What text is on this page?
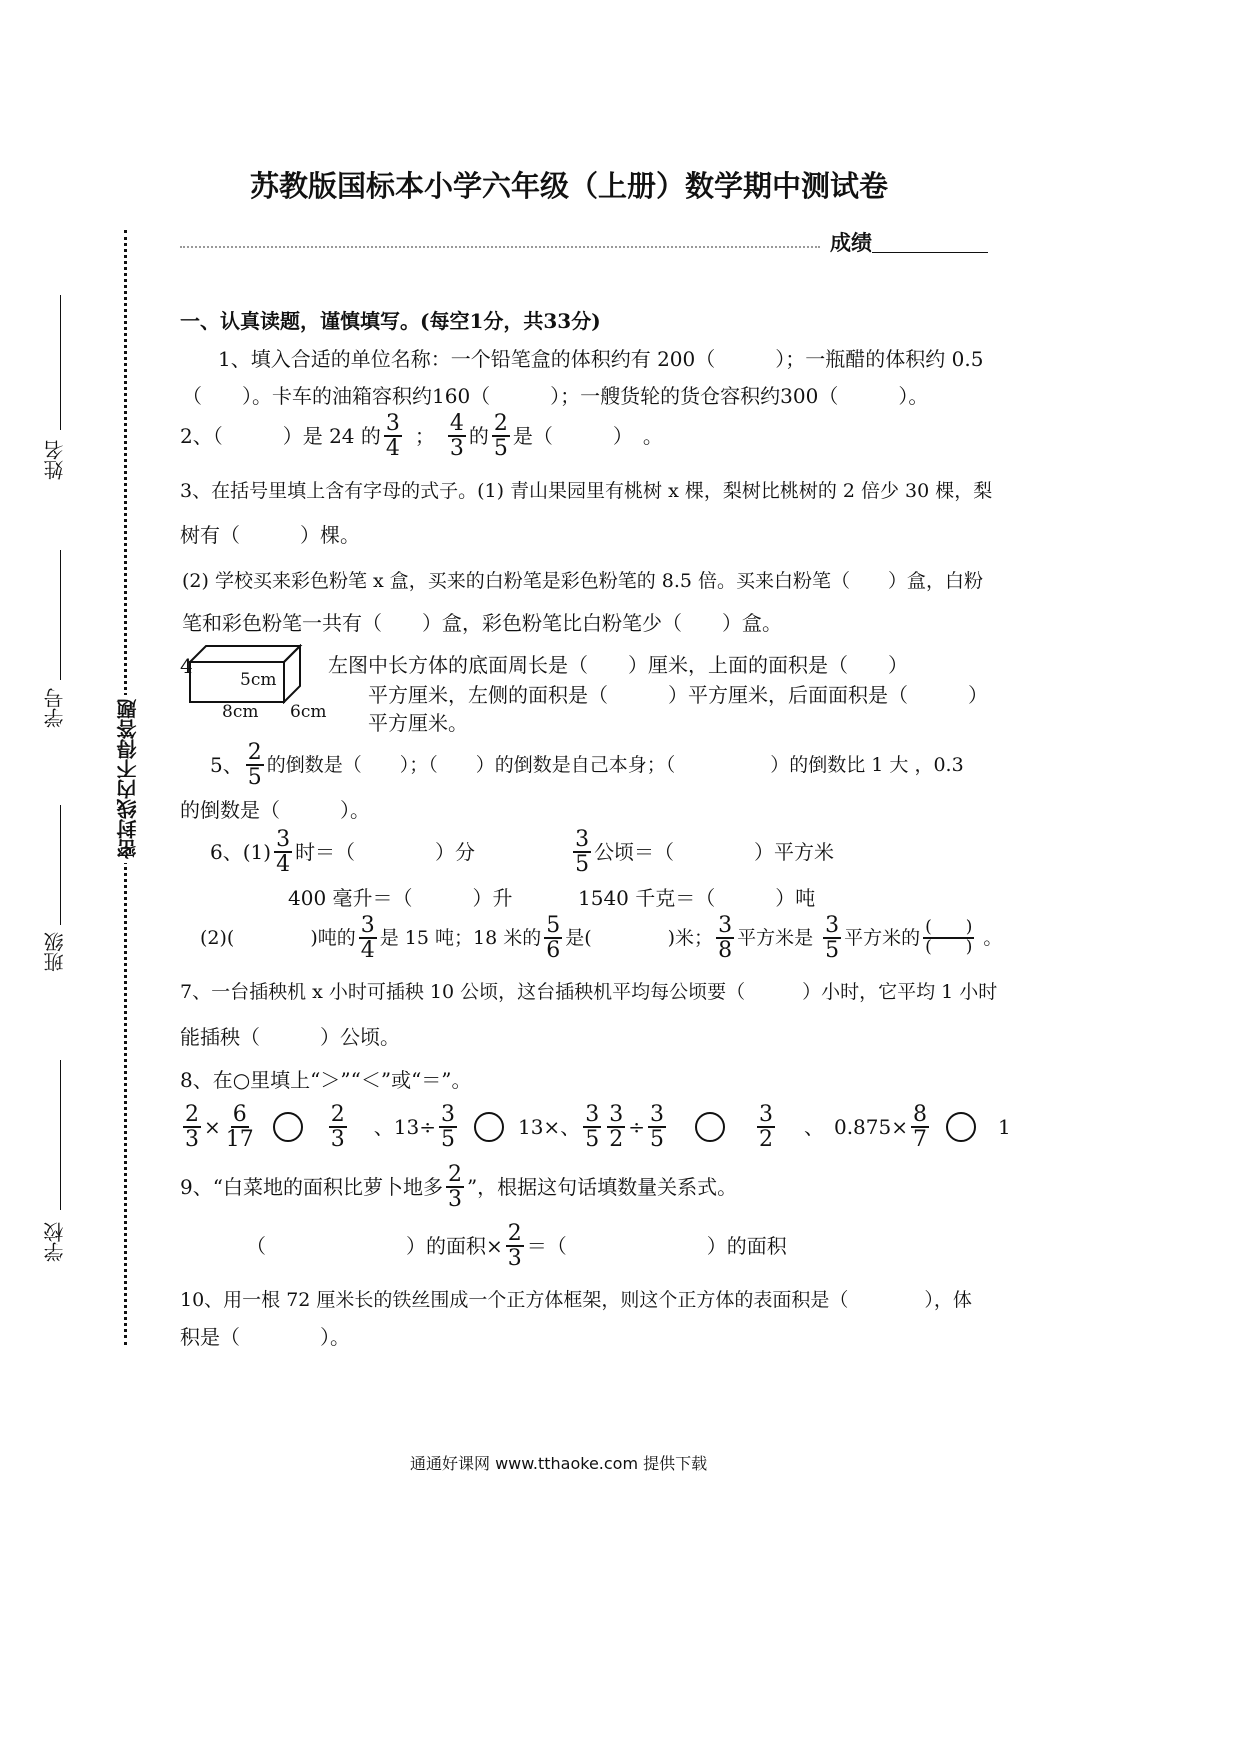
苏教版国标本小学六年级（上册）数学期中测试卷
成绩
密封线内不得答题
姓名
学号
班级
学校
一、认真读题，谨慎填写。(每空1分，共33分)
1、填入合适的单位名称：一个铅笔盒的体积约有 200（　　　）；一瓶醋的体积约 0.5
（　　）。卡车的油箱容积约160（　　　）；一艘货轮的货仓容积约300（　　　）。
2、（　　　）是 24 的 $\frac{3}{4}$ ； $\frac{4}{3}$ 的 $\frac{2}{5}$ 是（　　　）　。
3、在括号里填上含有字母的式子。(1) 青山果园里有桃树 x 棵，梨树比桃树的 2 倍少 30 棵，梨
树有（　　　）棵。
(2) 学校买来彩色粉笔 x 盒，买来的白粉笔是彩色粉笔的 8.5 倍。买来白粉笔（　　）盒，白粉
笔和彩色粉笔一共有（　　）盒，彩色粉笔比白粉笔少（　　）盒。
4
5cm
8cm 6cm
左图中长方体的底面周长是（　　）厘米，上面的面积是（　　）
平方厘米，左侧的面积是（　　　）平方厘米，后面面积是（　　　）
平方厘米。
5、 $\frac{2}{5}$ 的倒数是（　　）；（　　）的倒数是自己本身；（　　　　　）的倒数比 1 大 ，0.3
的倒数是（　　　）。
6、$(1) \frac{3}{4}$ 时＝（　　　　）分	$\frac{3}{5}$ 公顷＝（　　　　）平方米
400 毫升＝（　　　）升	1540 千克＝（　　　）吨
(2)(　　　　)吨的 $\frac{3}{4}$ 是 15 吨；18 米的 $\frac{5}{6}$ 是(　　　　)米； $\frac{3}{8}$ 平方米是 $\frac{3}{5}$ 平方米的 $\frac{( )}{( )}$ 。
7、一台插秧机 x 小时可插秧 10 公顷，这台插秧机平均每公顷要（　　　）小时，它平均 1 小时
能插秧（　　　）公顷。
8、在○里填上“＞”“＜”或“＝”。
$\frac{2}{3} \times \frac{6}{17}$	$\frac{2}{3}$ 、$13\div \frac{3}{5}$	13×、 $\frac{3}{5} \frac{3}{2} \div \frac{3}{5}$	$\frac{3}{2}$ 、 $0.875\times \frac{8}{7}$	1
9、“白菜地的面积比萝卜地多 $\frac{2}{3}$ ”，根据这句话填数量关系式。
（　　　　　　　）的面积× $\frac{2}{3}$ ＝（　　　　　　　）的面积
10、用一根 72 厘米长的铁丝围成一个正方体框架，则这个正方体的表面积是（　　　　），体
积是（　　　　）。
通通好课网 www.tthaoke.com 提供下载
